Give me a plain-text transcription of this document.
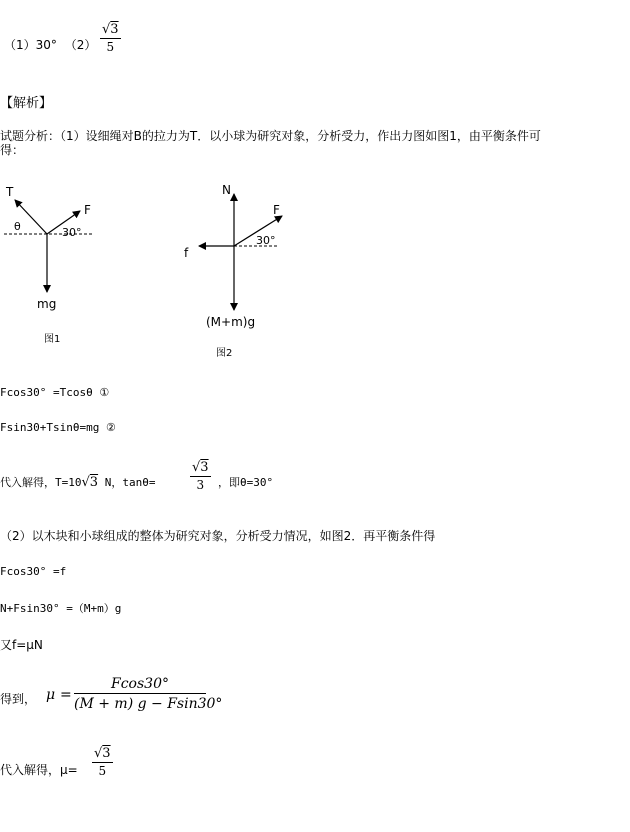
（1）30° $(2) \frac{√3}{5}$
【解析】
试题分析：（1）设细绳对B的拉力为T．以小球为研究对象，分析受力，作出力图如图1，由平衡条件可
得：
T
F
θ	30°
mg
图1
N
F
30°
f
(M+m)g
图2
Fcos30° =Tcosθ ①
Fsin30+Tsinθ=mg ②
代入解得，T=10√3 N，tanθ=	$\frac{√3}{3}$ ，即θ=30°
（2）以木块和小球组成的整体为研究对象，分析受力情况，如图2．再平衡条件得
Fcos30° =f
N+Fsin30° =（M+m）g
又f=μN
得到， $\mu = \frac{Fcos30^\circ}{(M + m) g - Fsin30^\circ}$
代入解得，$\mu= \frac{√3}{5}$
